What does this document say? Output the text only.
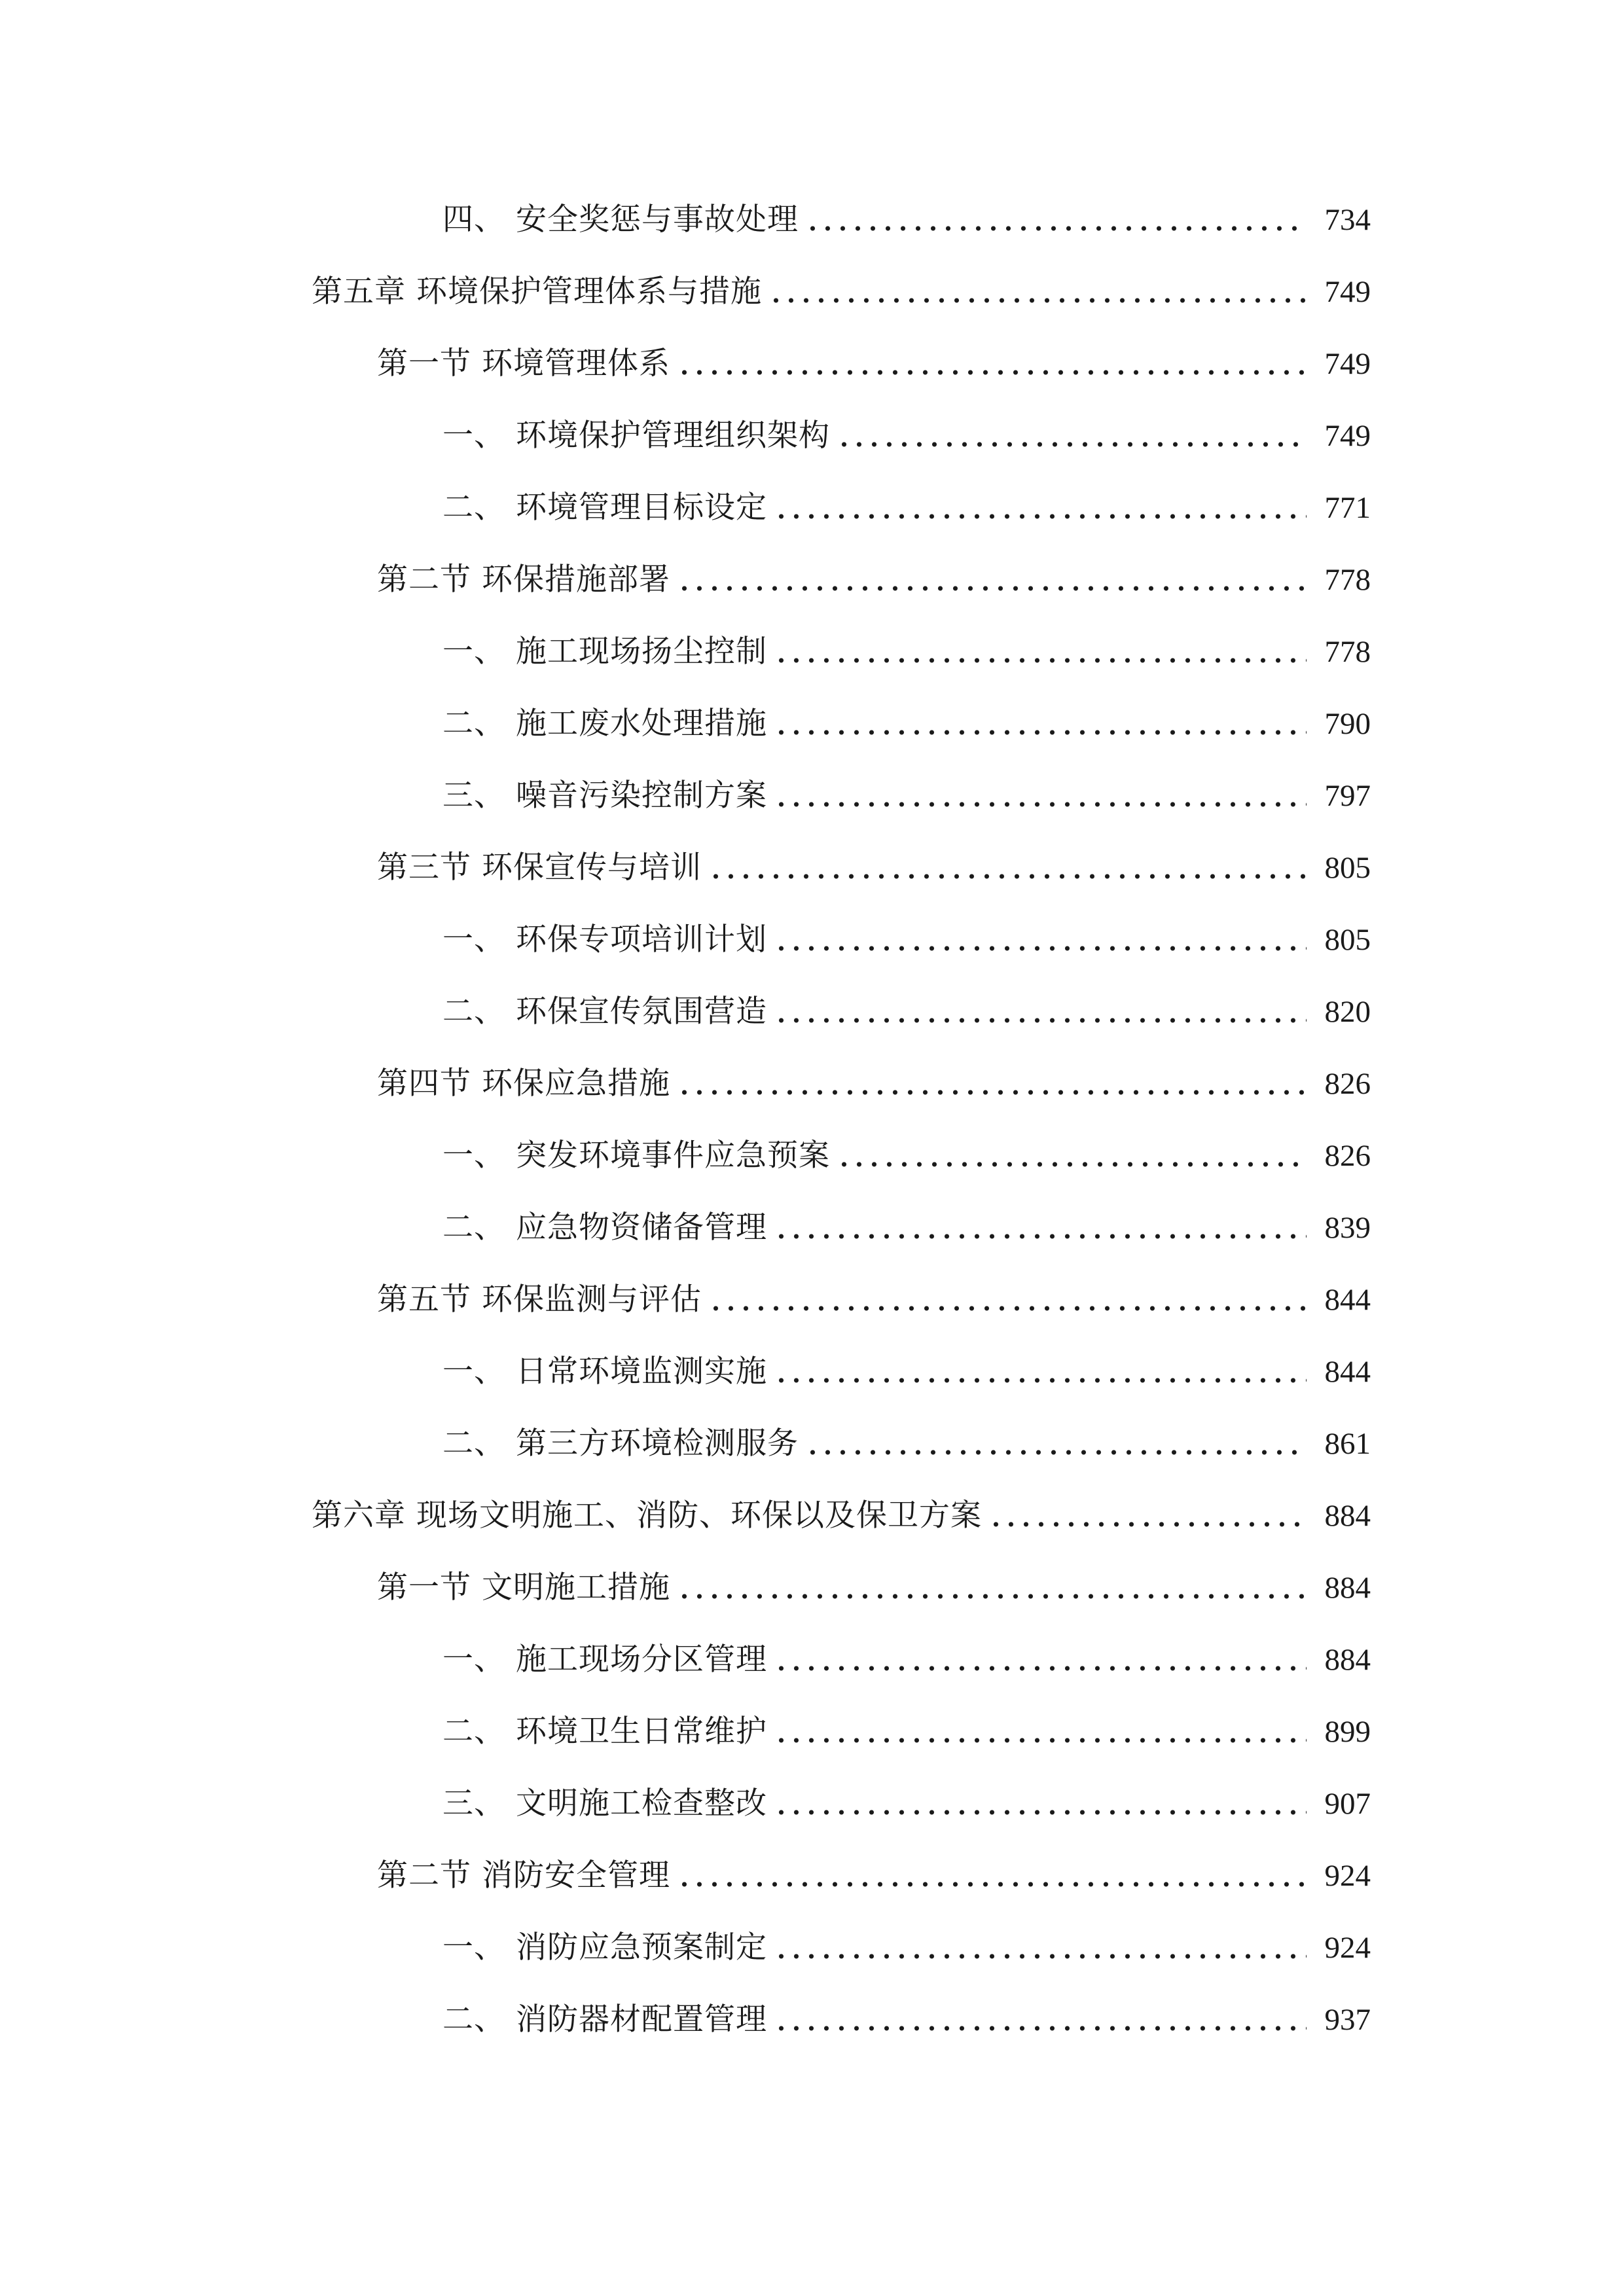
四、 安全奖惩与事故处理	734
第五章 环境保护管理体系与措施	749
第一节 环境管理体系	749
一、 环境保护管理组织架构	749
二、 环境管理目标设定	771
第二节 环保措施部署	778
一、 施工现场扬尘控制	778
二、 施工废水处理措施	790
三、 噪音污染控制方案	797
第三节 环保宣传与培训	805
一、 环保专项培训计划	805
二、 环保宣传氛围营造	820
第四节 环保应急措施	826
一、 突发环境事件应急预案	826
二、 应急物资储备管理	839
第五节 环保监测与评估	844
一、 日常环境监测实施	844
二、 第三方环境检测服务	861
第六章 现场文明施工、消防、环保以及保卫方案	884
第一节 文明施工措施	884
一、 施工现场分区管理	884
二、 环境卫生日常维护	899
三、 文明施工检查整改	907
第二节 消防安全管理	924
一、 消防应急预案制定	924
二、 消防器材配置管理	937
